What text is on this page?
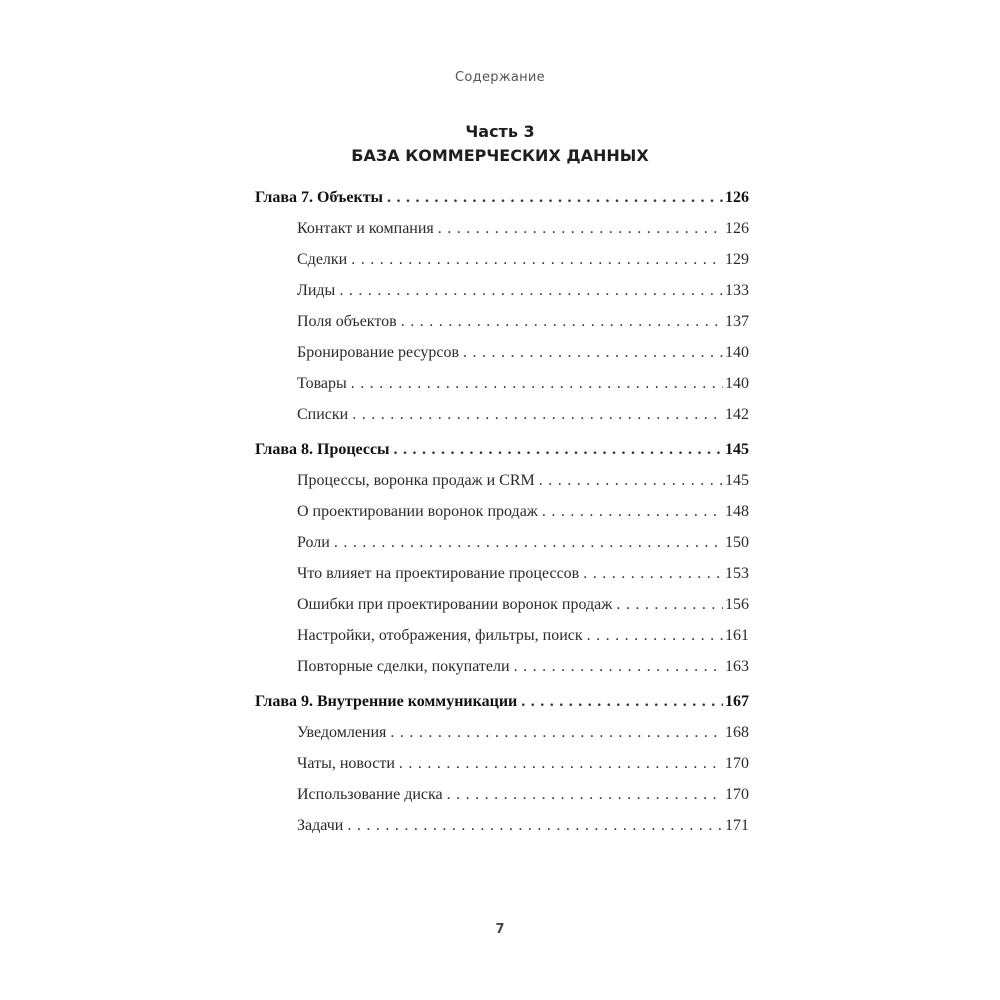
Содержание
Часть 3
БАЗА КОММЕРЧЕСКИХ ДАННЫХ
Глава 7. Объекты . . .	126
Контакт и компания . . .	126
Сделки . . .	129
Лиды . . .	133
Поля объектов . . .	137
Бронирование ресурсов . . .	140
Товары . . .	140
Списки . . .	142
Глава 8. Процессы . . .	145
Процессы, воронка продаж и CRM . . .	145
О проектировании воронок продаж . . .	148
Роли . . .	150
Что влияет на проектирование процессов . . .	153
Ошибки при проектировании воронок продаж . . .	156
Настройки, отображения, фильтры, поиск . . .	161
Повторные сделки, покупатели . . .	163
Глава 9. Внутренние коммуникации . . .	167
Уведомления . . .	168
Чаты, новости . . .	170
Использование диска . . .	170
Задачи . . .	171
7
